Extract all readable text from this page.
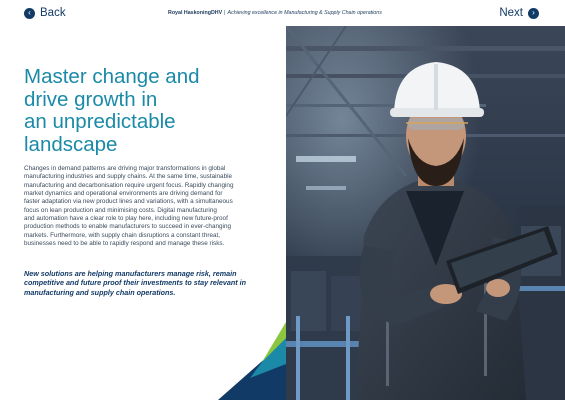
‹ Back	Royal HaskoningDHV | Achieving excellence in Manufacturing & Supply Chain operations	Next	›
Master change and
drive growth in
an unpredictable
landscape
Changes in demand patterns are driving major transformations in global
manufacturing industries and supply chains. At the same time, sustainable
manufacturing and decarbonisation require urgent focus. Rapidly changing
market dynamics and operational environments are driving demand for
faster adaptation via new product lines and variations, with a simultaneous
focus on lean production and minimising costs. Digital manufacturing
and automation have a clear role to play here, including new future-proof
production methods to enable manufacturers to succeed in ever-changing
markets. Furthermore, with supply chain disruptions a constant threat,
businesses need to be able to rapidly respond and manage these risks.
New solutions are helping manufacturers manage risk, remain
competitive and future proof their investments to stay relevant in
manufacturing and supply chain operations.
